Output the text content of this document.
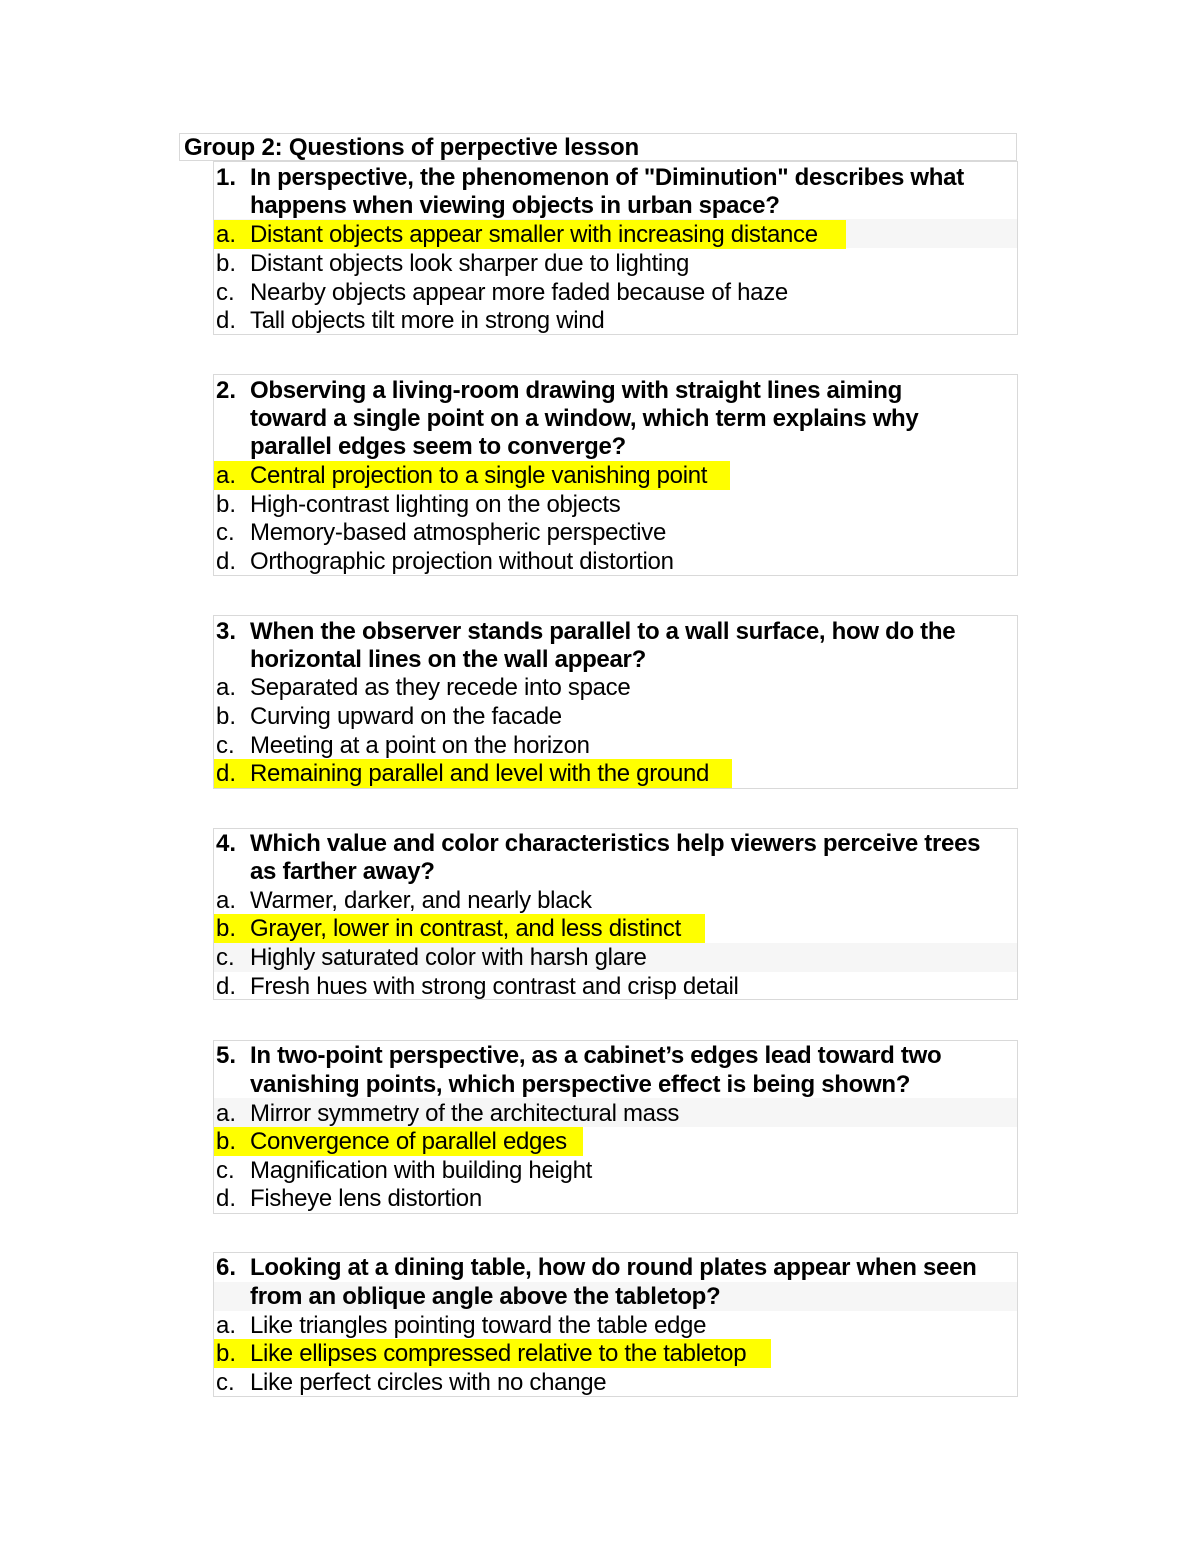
Group 2: Questions of perpective lesson
1. In perspective, the phenomenon of "Diminution" describes what
happens when viewing objects in urban space?
a. Distant objects appear smaller with increasing distance
b. Distant objects look sharper due to lighting
c. Nearby objects appear more faded because of haze
d. Tall objects tilt more in strong wind
2. Observing a living-room drawing with straight lines aiming
toward a single point on a window, which term explains why
parallel edges seem to converge?
a. Central projection to a single vanishing point
b. High-contrast lighting on the objects
c. Memory-based atmospheric perspective
d. Orthographic projection without distortion
3. When the observer stands parallel to a wall surface, how do the
horizontal lines on the wall appear?
a. Separated as they recede into space
b. Curving upward on the facade
c. Meeting at a point on the horizon
d. Remaining parallel and level with the ground
4. Which value and color characteristics help viewers perceive trees
as farther away?
a. Warmer, darker, and nearly black
b. Grayer, lower in contrast, and less distinct
c. Highly saturated color with harsh glare
d. Fresh hues with strong contrast and crisp detail
5. In two-point perspective, as a cabinet’s edges lead toward two
vanishing points, which perspective effect is being shown?
a. Mirror symmetry of the architectural mass
b. Convergence of parallel edges
c. Magnification with building height
d. Fisheye lens distortion
6. Looking at a dining table, how do round plates appear when seen
from an oblique angle above the tabletop?
a. Like triangles pointing toward the table edge
b. Like ellipses compressed relative to the tabletop
c. Like perfect circles with no change
